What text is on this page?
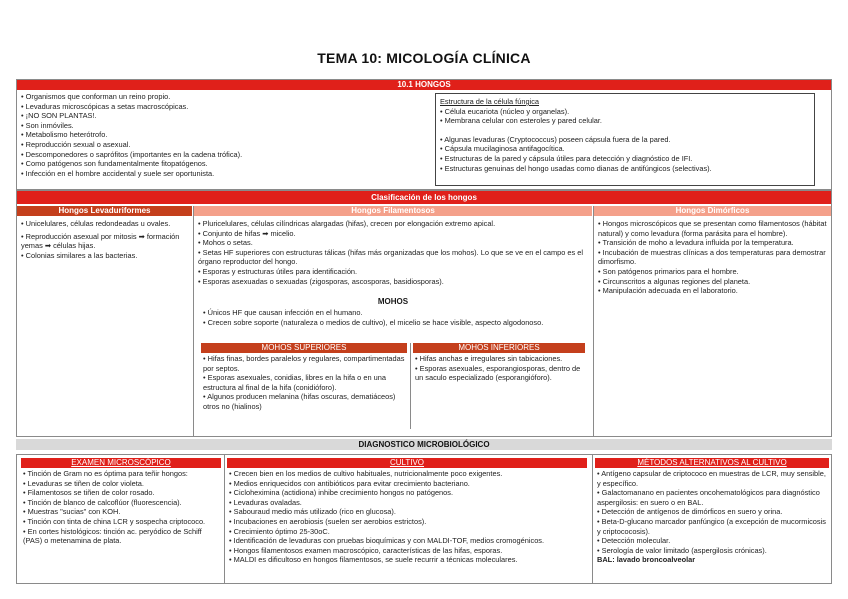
TEMA 10: MICOLOGÍA CLÍNICA
10.1 HONGOS

• Organismos que conforman un reino propio.

• Levaduras microscópicas a setas macroscópicas.

• ¡NO SON PLANTAS!.

• Son inmóviles.

• Metabolismo heterótrofo.

• Reproducción sexual o asexual.

• Descomponedores o saprófitos (importantes en la cadena trófica).

• Como patógenos son fundamentalmente fitopatógenos.

• Infección en el hombre accidental y suele ser oportunista.

Estructura de la célula fúngica

• Célula eucariota (núcleo y organelas).

• Membrana celular con esteroles y pared celular.

• Algunas levaduras (Cryptococcus) poseen cápsula fuera de la pared.

• Cápsula mucilaginosa antifagocítica.

• Estructuras de la pared y cápsula útiles para detección y diagnóstico de IFI.

• Estructuras genuinas del hongo usadas como dianas de antifúngicos (selectivas).

Clasificación de los hongos
Hongos Levaduriformes

• Unicelulares, células redondeadas u ovales.

• Reproducción asexual por mitosis ➡ formación yemas ➡ células hijas.

• Colonias similares a las bacterias.

Hongos Filamentosos

• Pluricelulares, células cilíndricas alargadas (hifas), crecen por elongación extremo apical.

• Conjunto de hifas ➡ micelio.

• Mohos o setas.

• Setas HF superiores con estructuras tálicas (hifas más organizadas que los mohos). Lo que se ve en el campo es el órgano reproductor del hongo.

• Esporas y estructuras útiles para identificación.

• Esporas asexuadas o sexuadas (zigosporas, ascosporas, basidiosporas).

MOHOS

• Únicos HF que causan infección en el humano.

• Crecen sobre soporte (naturaleza o medios de cultivo), el micelio se hace visible, aspecto algodonoso.

MOHOS SUPERIORES

• Hifas finas, bordes paralelos y regulares, compartimentadas por septos.

• Esporas asexuales, conidias, libres en la hifa o en una estructura al final de la hifa (conidióforo).

• Algunos producen melanina (hifas oscuras, dematiáceos) otros no (hialinos)

MOHOS INFERIORES

• Hifas anchas e irregulares sin tabicaciones.

• Esporas asexuales, esporangiosporas, dentro de un saculo especializado (esporangióforo).

Hongos Dimórficos

• Hongos microscópicos que se presentan como filamentosos (hábitat natural) y como levadura (forma parásita para el hombre).

• Transición de moho a levadura influida por la temperatura.

• Incubación de muestras clínicas a dos temperaturas para demostrar dimorfismo.

• Son patógenos primarios para el hombre.

• Circunscritos a algunas regiones del planeta.

• Manipulación adecuada en el laboratorio.

DIAGNOSTICO MICROBIOLÓGICO
EXAMEN MICROSCÓPICO

• Tinción de Gram no es óptima para teñir hongos:

• Levaduras se tiñen de color violeta.

• Filamentosos se tiñen de color rosado.

• Tinción de blanco de calcoflúor (fluorescencia).

• Muestras "sucias" con KOH.

• Tinción con tinta de china LCR y sospecha criptococo.

• En cortes histológicos: tinción ac. peryódico de Schiff (PAS) o metenamina de plata.

CULTIVO

• Crecen bien en los medios de cultivo habituales, nutricionalmente poco exigentes.

• Medios enriquecidos con antibióticos para evitar crecimiento bacteriano.

• Cicloheximina (actidiona) inhibe crecimiento hongos no patógenos.

• Levaduras ovaladas.

• Sabouraud medio más utilizado (rico en glucosa).

• Incubaciones en aerobiosis (suelen ser aerobios estrictos).

• Crecimiento óptimo 25-30oC.

• Identificación de levaduras con pruebas bioquímicas y con MALDI-TOF, medios cromogénicos.

• Hongos filamentosos examen macroscópico, características de las hifas, esporas.

• MALDI es dificultoso en hongos filamentosos, se suele recurrir a técnicas moleculares.

MÉTODOS ALTERNATIVOS AL CULTIVO

• Antígeno capsular de criptococo en muestras de LCR, muy sensible, y específico.

• Galactomanano en pacientes oncohematológicos para diagnóstico aspergilosis: en suero o en BAL.

• Detección de antígenos de dimórficos en suero y orina.

• Beta-D-glucano marcador panfúngico (a excepción de mucormicosis y criptococosis).

• Detección molecular.

• Serología de valor limitado (aspergilosis crónicas).

BAL: lavado broncoalveolar
